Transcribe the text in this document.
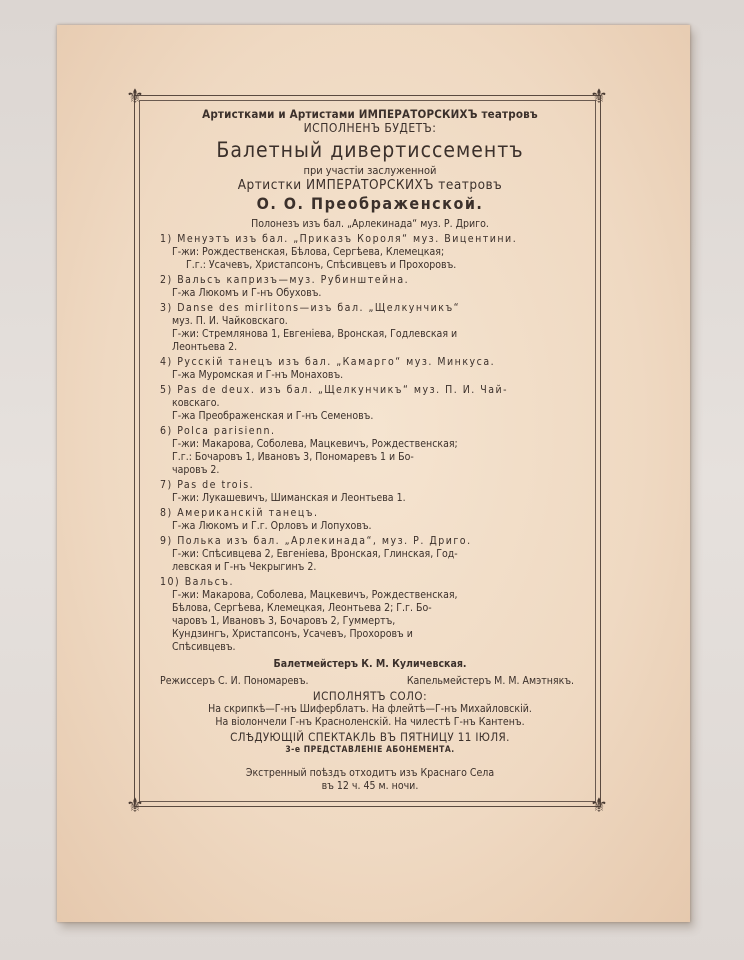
⚜	⚜
⚜	⚜
Артистками и Артистами ИМПЕРАТОРСКИХЪ театровъ
ИСПОЛНЕНЪ БУДЕТЪ:
Балетный дивертиссементъ
при участіи заслуженной
Артистки ИМПЕРАТОРСКИХЪ театровъ
О. О. Преображенской.
Полонезъ изъ бал. „Арлекинада“ муз. Р. Дриго.
1) Менуэтъ изъ бал. „Приказъ Короля“ муз. Вицентини.
Г-жи: Рождественская, Бѣлова, Сергѣева, Клемецкая;
Г.г.: Усачевъ, Христапсонъ, Спѣсивцевъ и Прохоровъ.
2) Вальсъ капризъ—муз. Рубинштейна.
Г-жа Люкомъ и Г-нъ Обуховъ.
3) Danse des mirlitons—изъ бал. „Щелкунчикъ“
муз. П. И. Чайковскаго.
Г-жи: Стремлянова 1, Евгеніева, Вронская, Годлевская и
Леонтьева 2.
4) Русскій танецъ изъ бал. „Камарго“ муз. Минкуса.
Г-жа Муромская и Г-нъ Монаховъ.
5) Pas de deux. изъ бал. „Щелкунчикъ“ муз. П. И. Чай-
ковскаго.
Г-жа Преображенская и Г-нъ Семеновъ.
6) Polca parisienn.
Г-жи: Макарова, Соболева, Мацкевичъ, Рождественская;
Г.г.: Бочаровъ 1, Ивановъ 3, Пономаревъ 1 и Бо-
чаровъ 2.
7) Pas de trois.
Г-жи: Лукашевичъ, Шиманская и Леонтьева 1.
8) Американскій танецъ.
Г-жа Люкомъ и Г.г. Орловъ и Лопуховъ.
9) Полька изъ бал. „Арлекинада“, муз. Р. Дриго.
Г-жи: Спѣсивцева 2, Евгеніева, Вронская, Глинская, Год-
левская и Г-нъ Чекрыгинъ 2.
10) Вальсъ.
Г-жи: Макарова, Соболева, Мацкевичъ, Рождественская,
Бѣлова, Сергѣева, Клемецкая, Леонтьева 2; Г.г. Бо-
чаровъ 1, Ивановъ 3, Бочаровъ 2, Гуммертъ,
Кундзингъ, Христапсонъ, Усачевъ, Прохоровъ и
Спѣсивцевъ.
Балетмейстеръ К. М. Куличевская.
Режиссеръ С. И. Пономаревъ.	Капельмейстеръ М. М. Амэтнякъ.
ИСПОЛНЯТЪ СОЛО:
На скрипкѣ—Г-нъ Шиферблатъ. На флейтѣ—Г-нъ Михайловскій.
На віолончели Г-нъ Красноленскій. На чилестѣ Г-нъ Кантенъ.
СЛѢДУЮЩІЙ СПЕКТАКЛЬ ВЪ ПЯТНИЦУ 11 ІЮЛЯ.
3-е ПРЕДСТАВЛЕНІЕ АБОНЕМЕНТА.
Экстренный поѣздъ отходитъ изъ Краснаго Села
въ 12 ч. 45 м. ночи.
